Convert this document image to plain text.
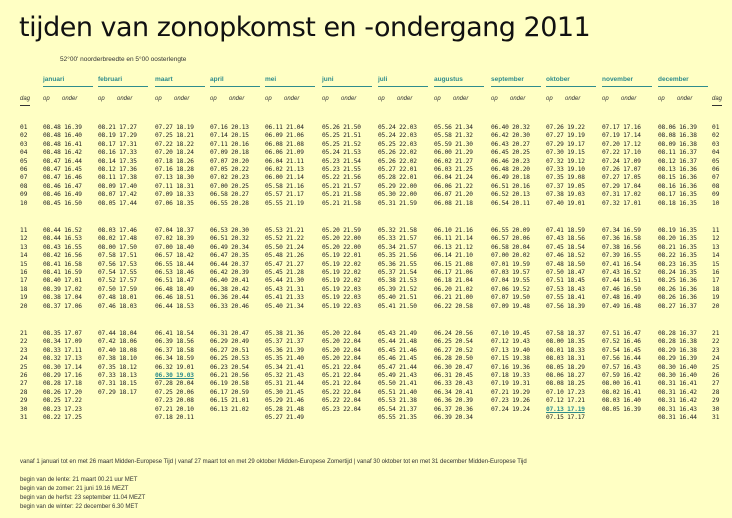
tijden van zonopkomst en -ondergang 2011
52°00' noorderbreedte en 5°00 oosterlengte
dag
01
02
03
04
05
06
07
08
09
10
11
12
13
14
15
16
17
18
19
20
21
22
23
24
25
26
27
28
29
30
31
dag
01
02
03
04
05
06
07
08
09
10
11
12
13
14
15
16
17
18
19
20
21
22
23
24
25
26
27
28
29
30
31
januari
op onder
08.48 16.39
08.48 16.40
08.48 16.41
08.48 16.42
08.47 16.44
08.47 16.45
08.47 16.46
08.46 16.47
08.46 16.49
08.45 16.50
08.44 16.52
08.44 16.53
08.43 16.55
08.42 16.56
08.41 16.58
08.41 16.59
08.40 17.01
08.39 17.02
08.38 17.04
08.37 17.06
08.35 17.07
08.34 17.09
08.33 17.11
08.32 17.13
08.30 17.14
08.29 17.16
08.28 17.18
08.26 17.20
08.25 17.22
08.23 17.23
08.22 17.25
februari
op onder
08.21 17.27
08.19 17.29
08.17 17.31
08.16 17.33
08.14 17.35
08.12 17.36
08.11 17.38
08.09 17.40
08.07 17.42
08.05 17.44
08.03 17.46
08.02 17.48
08.00 17.50
07.58 17.51
07.56 17.53
07.54 17.55
07.52 17.57
07.50 17.59
07.48 18.01
07.46 18.03
07.44 18.04
07.42 18.06
07.40 18.08
07.38 18.10
07.35 18.12
07.33 18.13
07.31 18.15
07.29 18.17
maart
op onder
07.27 18.19
07.25 18.21
07.22 18.22
07.20 18.24
07.18 18.26
07.16 18.28
07.13 18.30
07.11 18.31
07.09 18.33
07.06 18.35
07.04 18.37
07.02 18.39
07.00 18.40
06.57 18.42
06.55 18.44
06.53 18.46
06.51 18.47
06.48 18.49
06.46 18.51
06.44 18.53
06.41 18.54
06.39 18.56
06.37 18.58
06.34 18.59
06.32 19.01
06.30 19.03
07.28 20.04
07.25 20.06
07.23 20.08
07.21 20.10
07.18 20.11
april
op onder
07.16 20.13
07.14 20.15
07.11 20.16
07.09 20.18
07.07 20.20
07.05 20.22
07.02 20.23
07.00 20.25
06.58 20.27
06.55 20.28
06.53 20.30
06.51 20.32
06.49 20.34
06.47 20.35
06.44 20.37
06.42 20.39
06.40 20.41
06.38 20.42
06.36 20.44
06.33 20.46
06.31 20.47
06.29 20.49
06.27 20.51
06.25 20.53
06.23 20.54
06.21 20.56
06.19 20.58
06.17 20.59
06.15 21.01
06.13 21.02
mei
op onder
06.11 21.04
06.09 21.06
06.08 21.08
06.06 21.09
06.04 21.11
06.02 21.13
06.00 21.14
05.58 21.16
05.57 21.17
05.55 21.19
05.53 21.21
05.52 21.22
05.50 21.24
05.48 21.26
05.47 21.27
05.45 21.28
05.44 21.30
05.43 21.31
05.41 21.33
05.40 21.34
05.38 21.36
05.37 21.37
05.36 21.39
05.35 21.40
05.34 21.41
05.32 21.43
05.31 21.44
05.30 21.45
05.29 21.46
05.28 21.48
05.27 21.49
juni
op onder
05.26 21.50
05.25 21.51
05.25 21.52
05.24 21.53
05.23 21.54
05.23 21.55
05.22 21.56
05.21 21.57
05.21 21.58
05.21 21.58
05.20 21.59
05.20 22.00
05.20 22.00
05.19 22.01
05.19 22.02
05.19 22.02
05.19 22.02
05.19 22.03
05.19 22.03
05.19 22.03
05.20 22.04
05.20 22.04
05.20 22.04
05.20 22.04
05.21 22.04
05.21 22.04
05.21 22.04
05.22 22.04
05.22 22.04
05.23 22.04
juli
op onder
05.24 22.03
05.24 22.03
05.25 22.03
05.26 22.02
05.26 22.02
05.27 22.01
05.28 22.01
05.29 22.00
05.30 22.00
05.31 21.59
05.32 21.58
05.33 21.57
05.34 21.57
05.35 21.56
05.36 21.55
05.37 21.54
05.38 21.53
05.39 21.52
05.40 21.51
05.41 21.50
05.43 21.49
05.44 21.48
05.45 21.46
05.46 21.45
05.47 21.44
05.49 21.43
05.50 21.41
05.51 21.40
05.53 21.38
05.54 21.37
05.55 21.35
augustus
op onder
05.56 21.34
05.58 21.32
05.59 21.30
06.00 21.29
06.02 21.27
06.03 21.25
06.04 21.24
06.06 21.22
06.07 21.20
06.08 21.18
06.10 21.16
06.11 21.14
06.13 21.12
06.14 21.10
06.15 21.08
06.17 21.06
06.18 21.04
06.20 21.02
06.21 21.00
06.22 20.58
06.24 20.56
06.25 20.54
06.27 20.52
06.28 20.50
06.30 20.47
06.31 20.45
06.33 20.43
06.34 20.41
06.36 20.39
06.37 20.36
06.39 20.34
september
op onder
06.40 20.32
06.42 20.30
06.43 20.27
06.45 20.25
06.46 20.23
06.48 20.20
06.49 20.18
06.51 20.16
06.52 20.13
06.54 20.11
06.55 20.09
06.57 20.06
06.58 20.04
07.00 20.02
07.01 19.59
07.03 19.57
07.04 19.55
07.06 19.52
07.07 19.50
07.09 19.48
07.10 19.45
07.12 19.43
07.13 19.40
07.15 19.38
07.16 19.36
07.18 19.33
07.19 19.31
07.21 19.29
07.23 19.26
07.24 19.24
oktober
op onder
07.26 19.22
07.27 19.19
07.29 19.17
07.30 19.15
07.32 19.12
07.33 19.10
07.35 19.08
07.37 19.05
07.38 19.03
07.40 19.01
07.41 18.59
07.43 18.56
07.45 18.54
07.46 18.52
07.48 18.50
07.50 18.47
07.51 18.45
07.53 18.43
07.55 18.41
07.56 18.39
07.58 18.37
08.00 18.35
08.01 18.33
08.03 18.31
08.05 18.29
08.06 18.27
08.08 18.25
07.10 17.23
07.12 17.21
07.13 17.19
07.15 17.17
november
op onder
07.17 17.16
07.19 17.14
07.20 17.12
07.22 17.10
07.24 17.09
07.26 17.07
07.27 17.05
07.29 17.04
07.31 17.02
07.32 17.01
07.34 16.59
07.36 16.58
07.38 16.56
07.39 16.55
07.41 16.54
07.43 16.52
07.44 16.51
07.46 16.50
07.48 16.49
07.49 16.48
07.51 16.47
07.52 16.46
07.54 16.45
07.56 16.44
07.57 16.43
07.59 16.42
08.00 16.41
08.02 16.41
08.03 16.40
08.05 16.39
december
op onder
08.06 16.39
08.08 16.38
08.09 16.38
08.11 16.37
08.12 16.37
08.13 16.36
08.15 16.36
08.16 16.36
08.17 16.35
08.18 16.35
08.19 16.35
08.20 16.35
08.21 16.35
08.22 16.35
08.23 16.35
08.24 16.35
08.25 16.36
08.26 16.36
08.26 16.36
08.27 16.37
08.28 16.37
08.28 16.38
08.29 16.38
08.29 16.39
08.30 16.40
08.30 16.40
08.31 16.41
08.31 16.42
08.31 16.42
08.31 16.43
08.31 16.44
vanaf 1 januari tot en met 26 maart Midden-Europese Tijd | vanaf 27 maart tot en met 29 oktober Midden-Europese Zomertijd | vanaf 30 oktober tot en met 31 december Midden-Europese Tijd
begin van de lente: 21 maart 00.21 uur MET
begin van de zomer: 21 juni 19.16 MEZT
begin van de herfst: 23 september 11.04 MEZT
begin van de winter: 22 december 6.30 MET
